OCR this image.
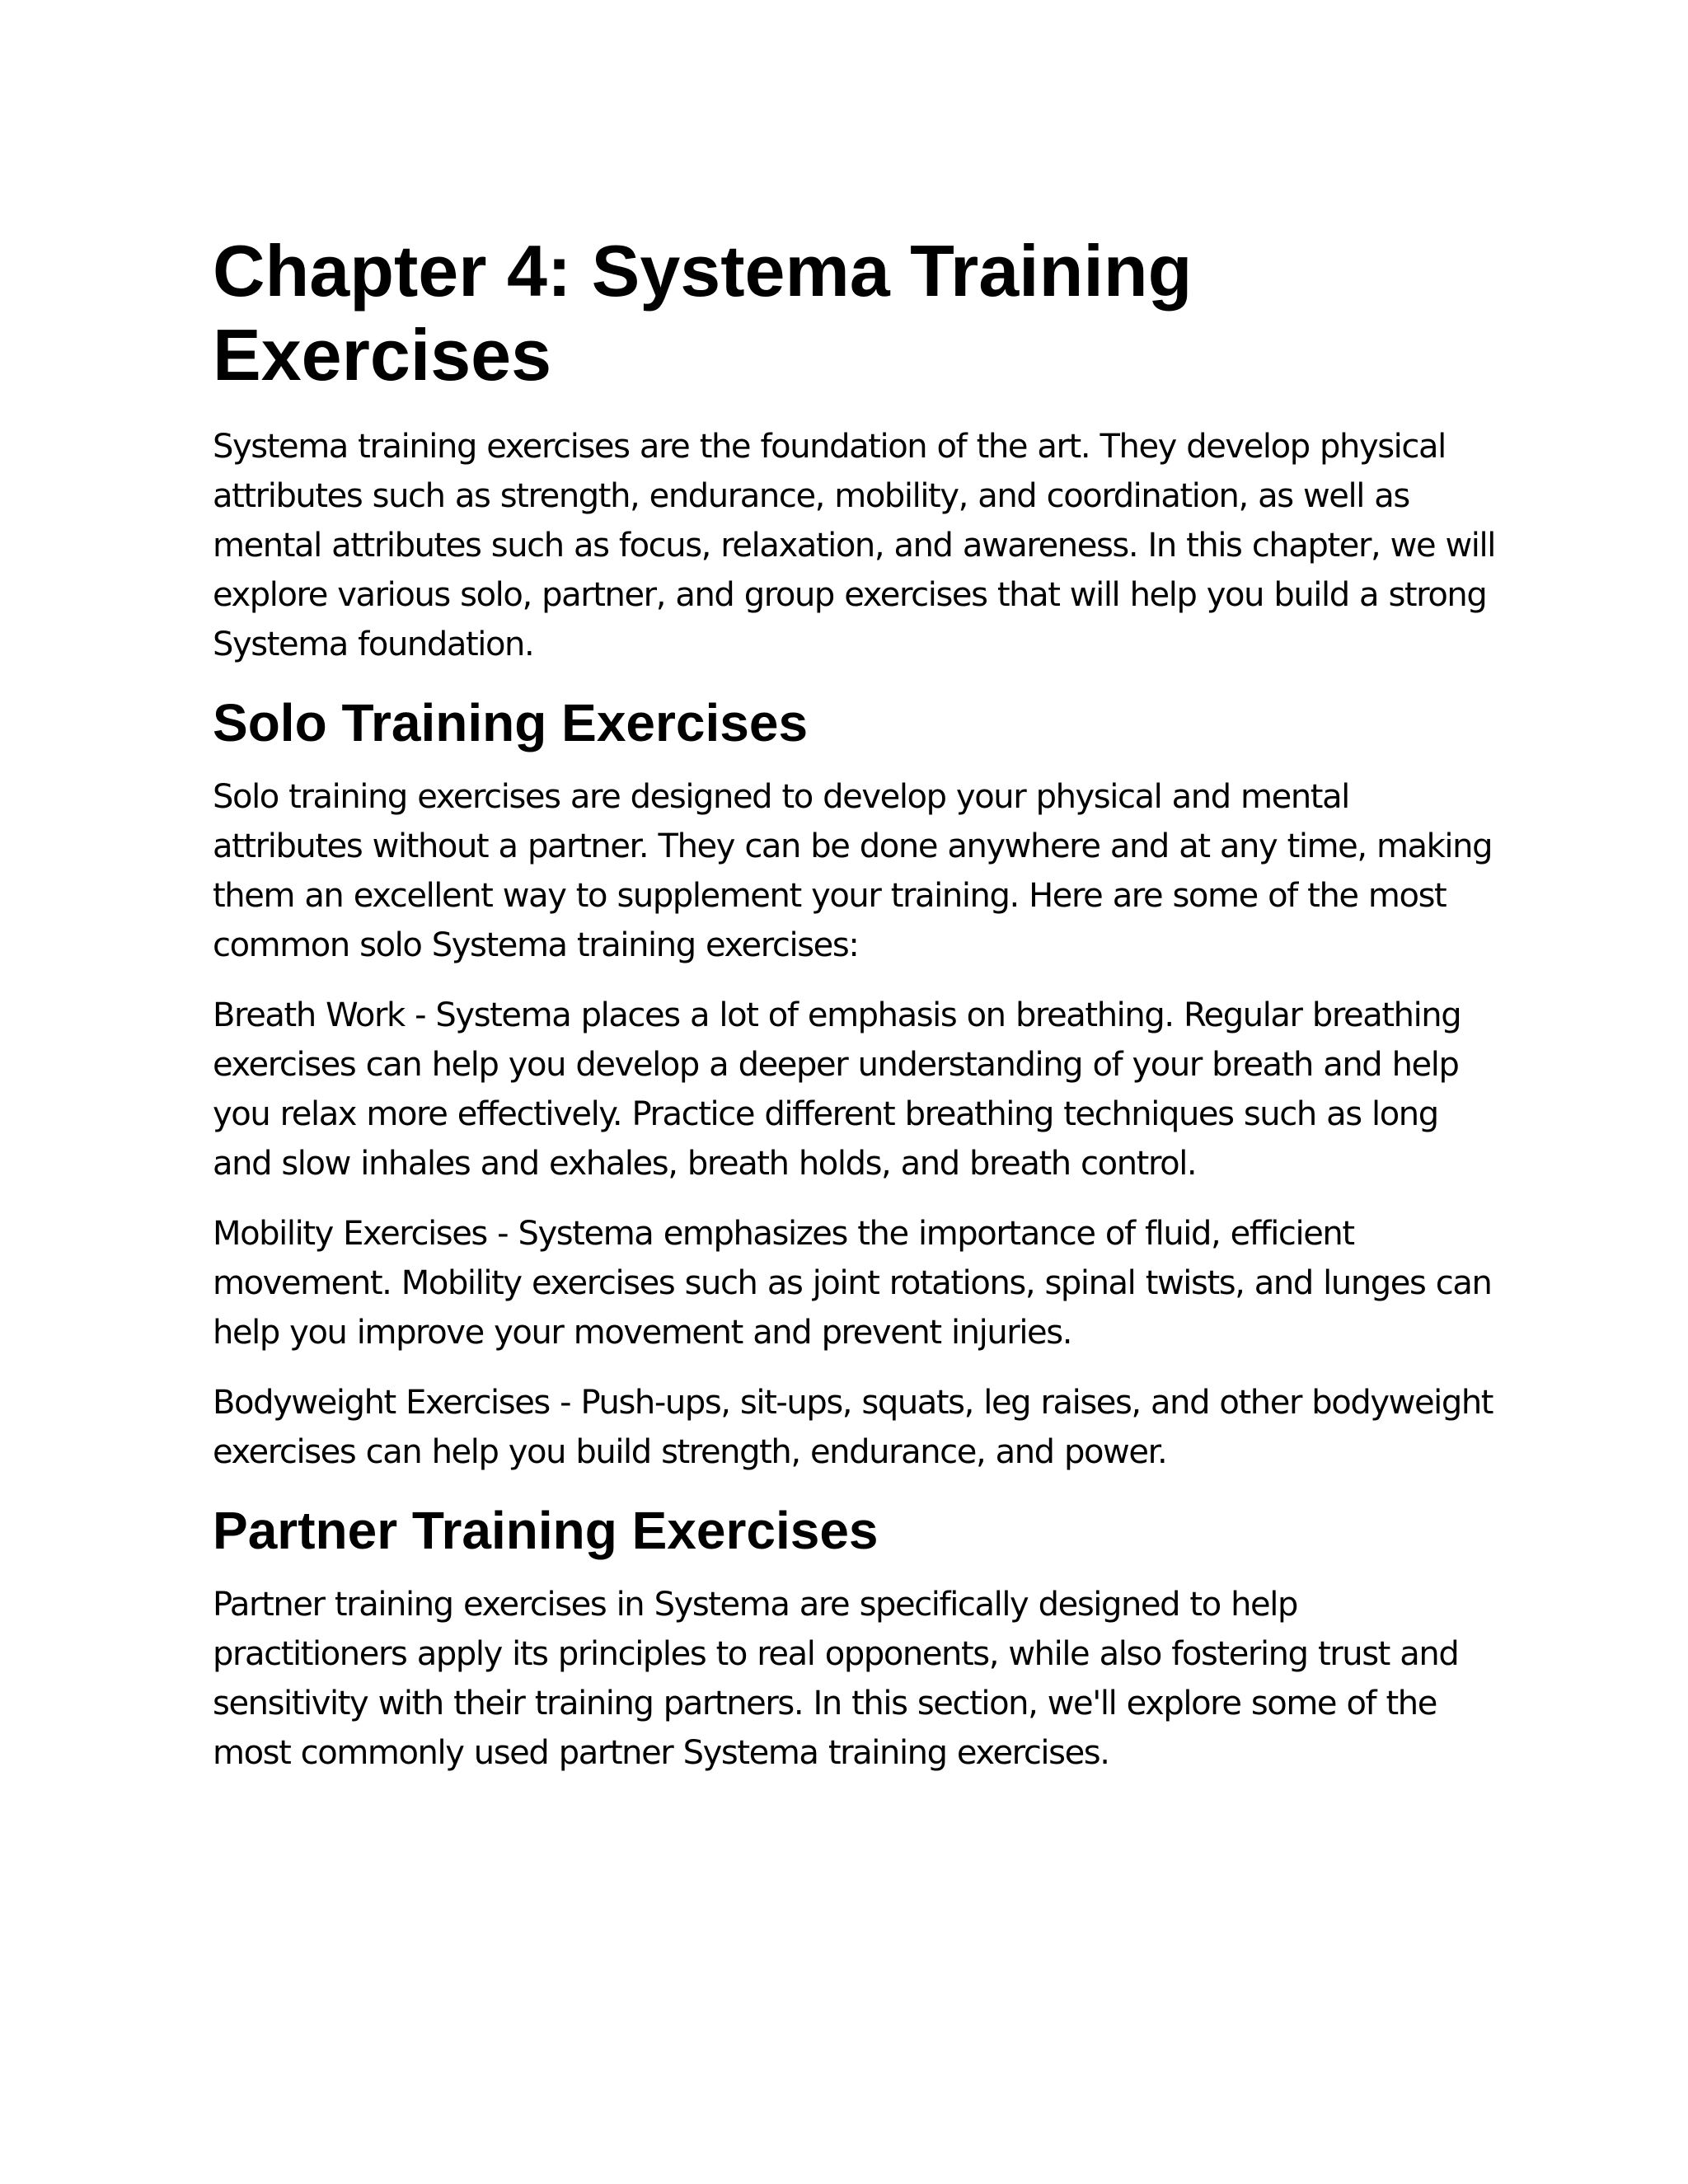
Chapter 4: Systema Training Exercises

Systema training exercises are the foundation of the art. They develop physical attributes such as strength, endurance, mobility, and coordination, as well as mental attributes such as focus, relaxation, and awareness. In this chapter, we will explore various solo, partner, and group exercises that will help you build a strong Systema foundation.

Solo Training Exercises

Solo training exercises are designed to develop your physical and mental attributes without a partner. They can be done anywhere and at any time, making them an excellent way to supplement your training. Here are some of the most common solo Systema training exercises:

Breath Work - Systema places a lot of emphasis on breathing. Regular breathing exercises can help you develop a deeper understanding of your breath and help you relax more effectively. Practice different breathing techniques such as long and slow inhales and exhales, breath holds, and breath control.

Mobility Exercises - Systema emphasizes the importance of fluid, efficient movement. Mobility exercises such as joint rotations, spinal twists, and lunges can help you improve your movement and prevent injuries.

Bodyweight Exercises - Push-ups, sit-ups, squats, leg raises, and other bodyweight exercises can help you build strength, endurance, and power.

Partner Training Exercises

Partner training exercises in Systema are specifically designed to help practitioners apply its principles to real opponents, while also fostering trust and sensitivity with their training partners. In this section, we'll explore some of the most commonly used partner Systema training exercises.
